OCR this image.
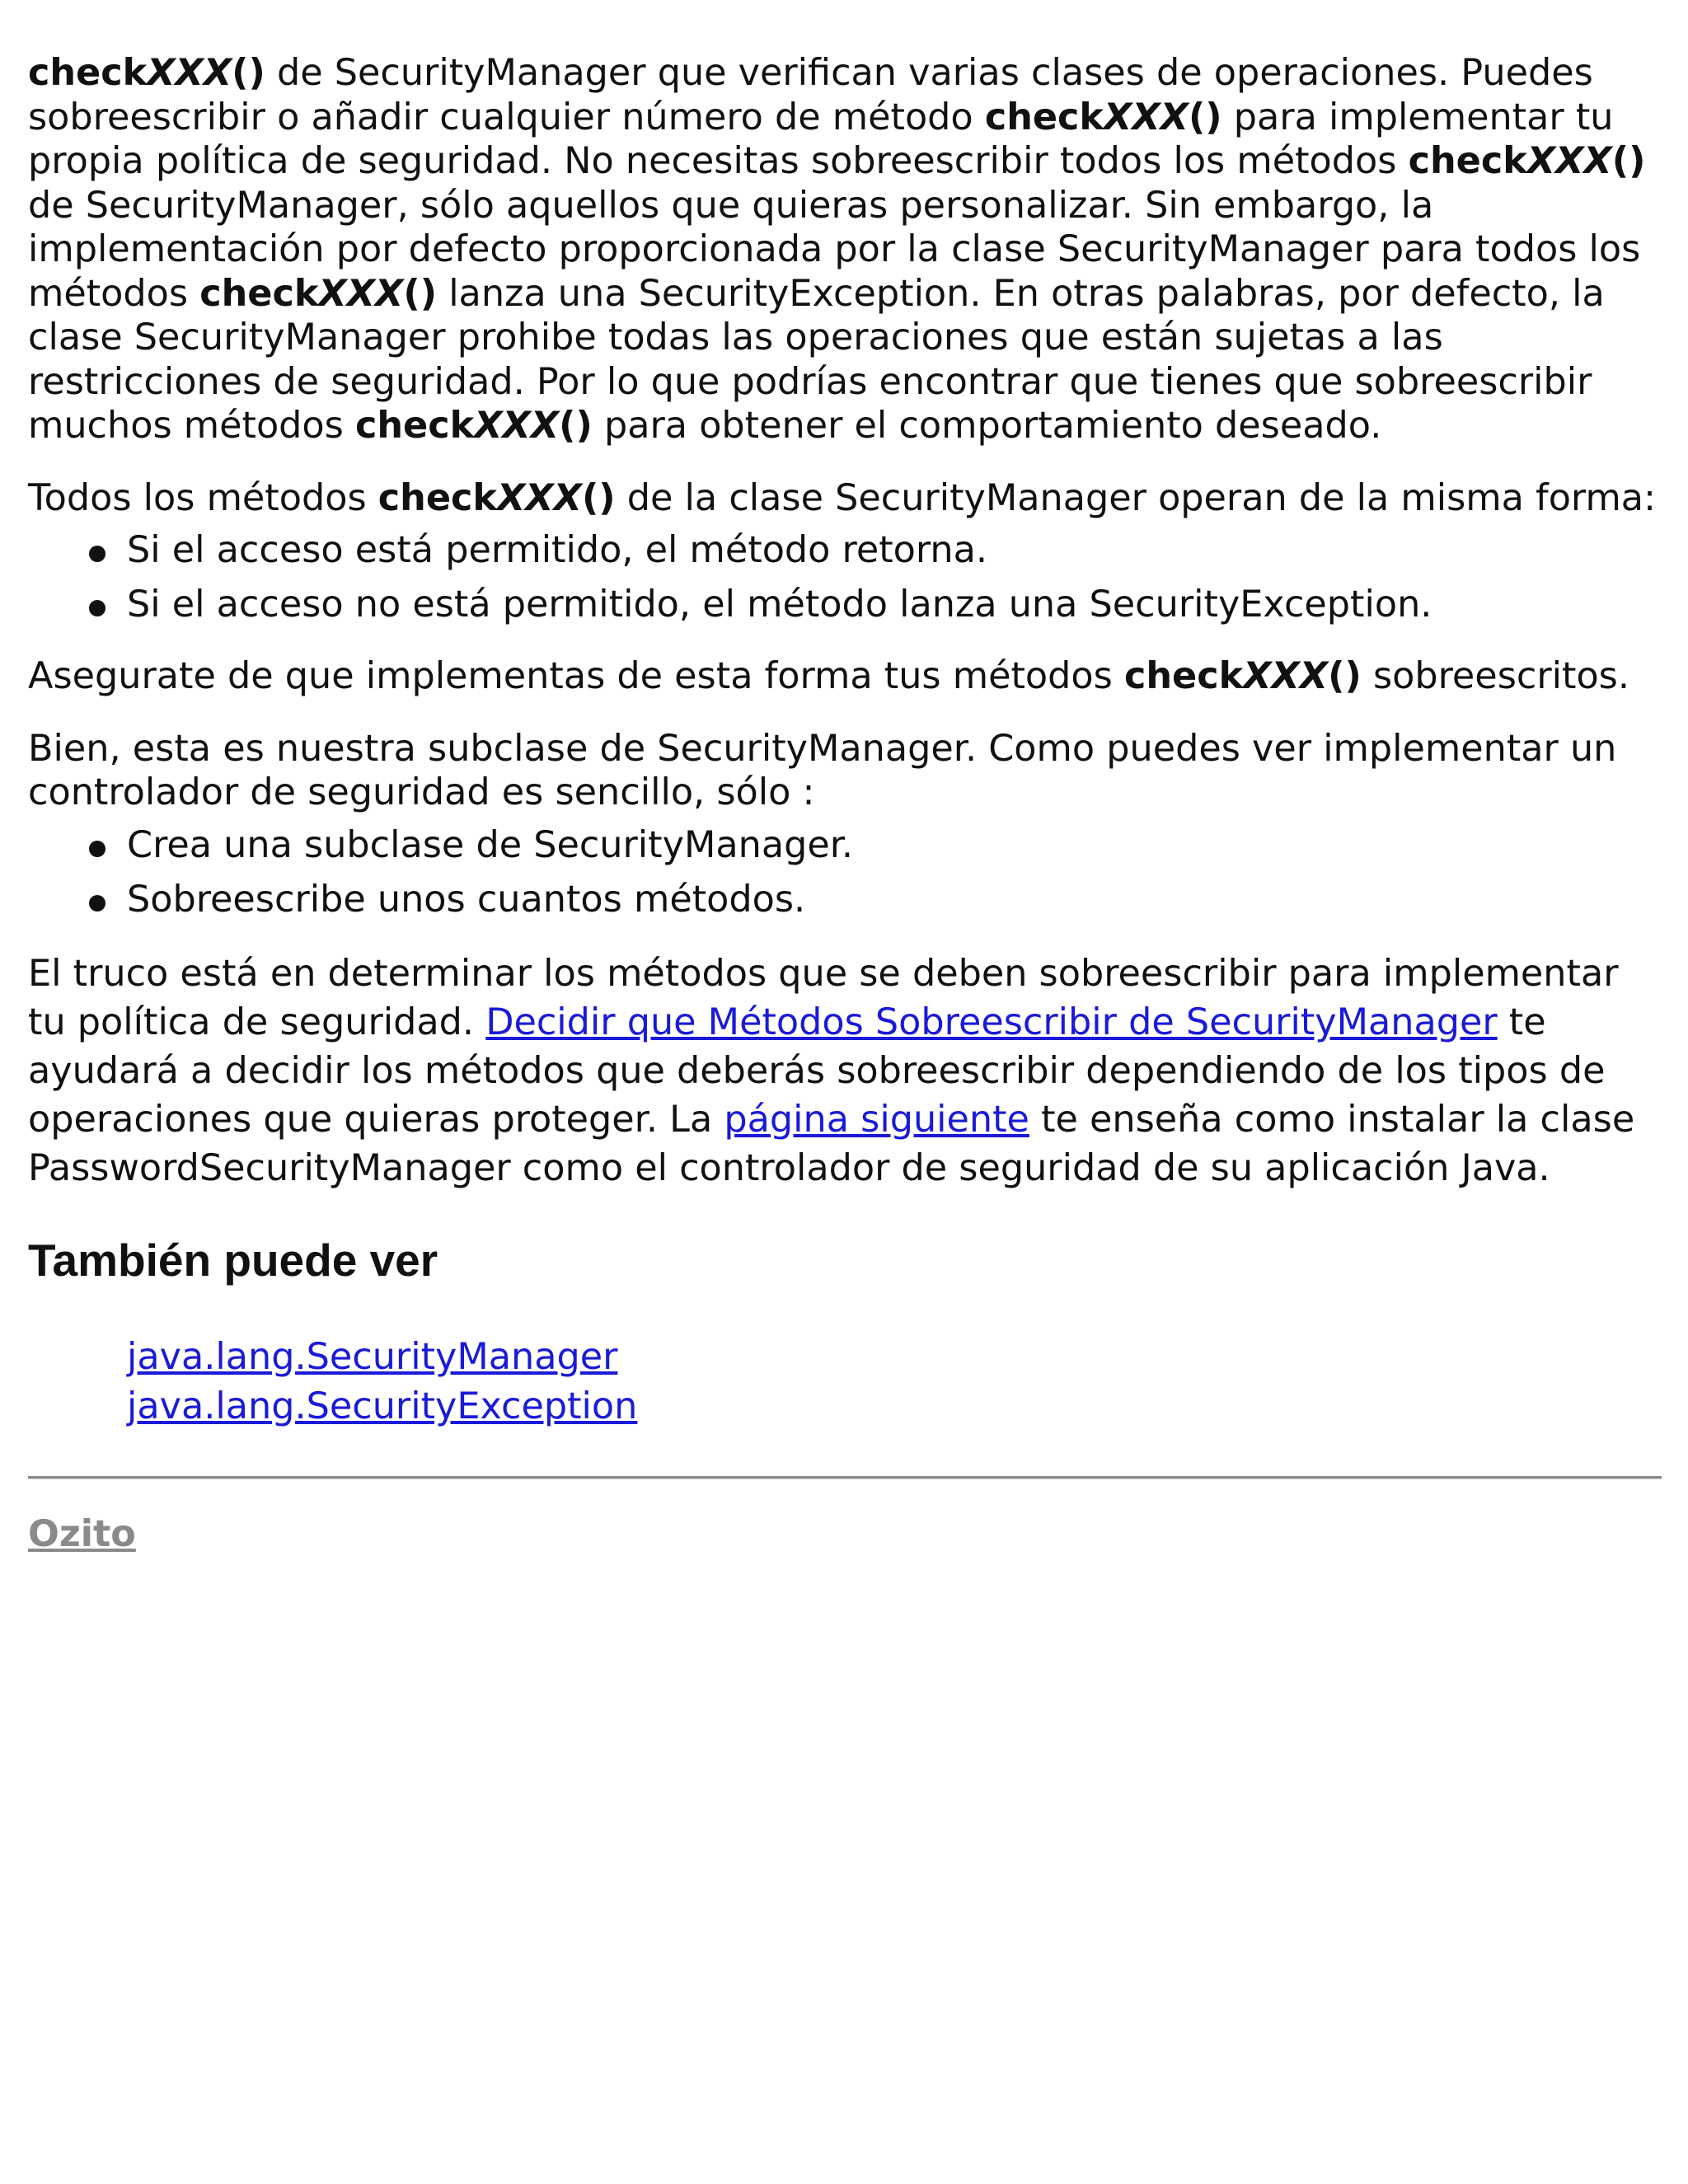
checkXXX() de SecurityManager que verifican varias clases de operaciones. Puedes sobreescribir o añadir cualquier número de método checkXXX() para implementar tu propia política de seguridad. No necesitas sobreescribir todos los métodos checkXXX() de SecurityManager, sólo aquellos que quieras personalizar. Sin embargo, la implementación por defecto proporcionada por la clase SecurityManager para todos los métodos checkXXX() lanza una SecurityException. En otras palabras, por defecto, la clase SecurityManager prohibe todas las operaciones que están sujetas a las restricciones de seguridad. Por lo que podrías encontrar que tienes que sobreescribir muchos métodos checkXXX() para obtener el comportamiento deseado.

Todos los métodos checkXXX() de la clase SecurityManager operan de la misma forma:

Si el acceso está permitido, el método retorna.
Si el acceso no está permitido, el método lanza una SecurityException.

Asegurate de que implementas de esta forma tus métodos checkXXX() sobreescritos.

Bien, esta es nuestra subclase de SecurityManager. Como puedes ver implementar un controlador de seguridad es sencillo, sólo :

Crea una subclase de SecurityManager.
Sobreescribe unos cuantos métodos.

El truco está en determinar los métodos que se deben sobreescribir para implementar tu política de seguridad. Decidir que Métodos Sobreescribir de SecurityManager te ayudará a decidir los métodos que deberás sobreescribir dependiendo de los tipos de operaciones que quieras proteger. La página siguiente te enseña como instalar la clase PasswordSecurityManager como el controlador de seguridad de su aplicación Java.

También puede ver
java.lang.SecurityManager
java.lang.SecurityException
Ozito
